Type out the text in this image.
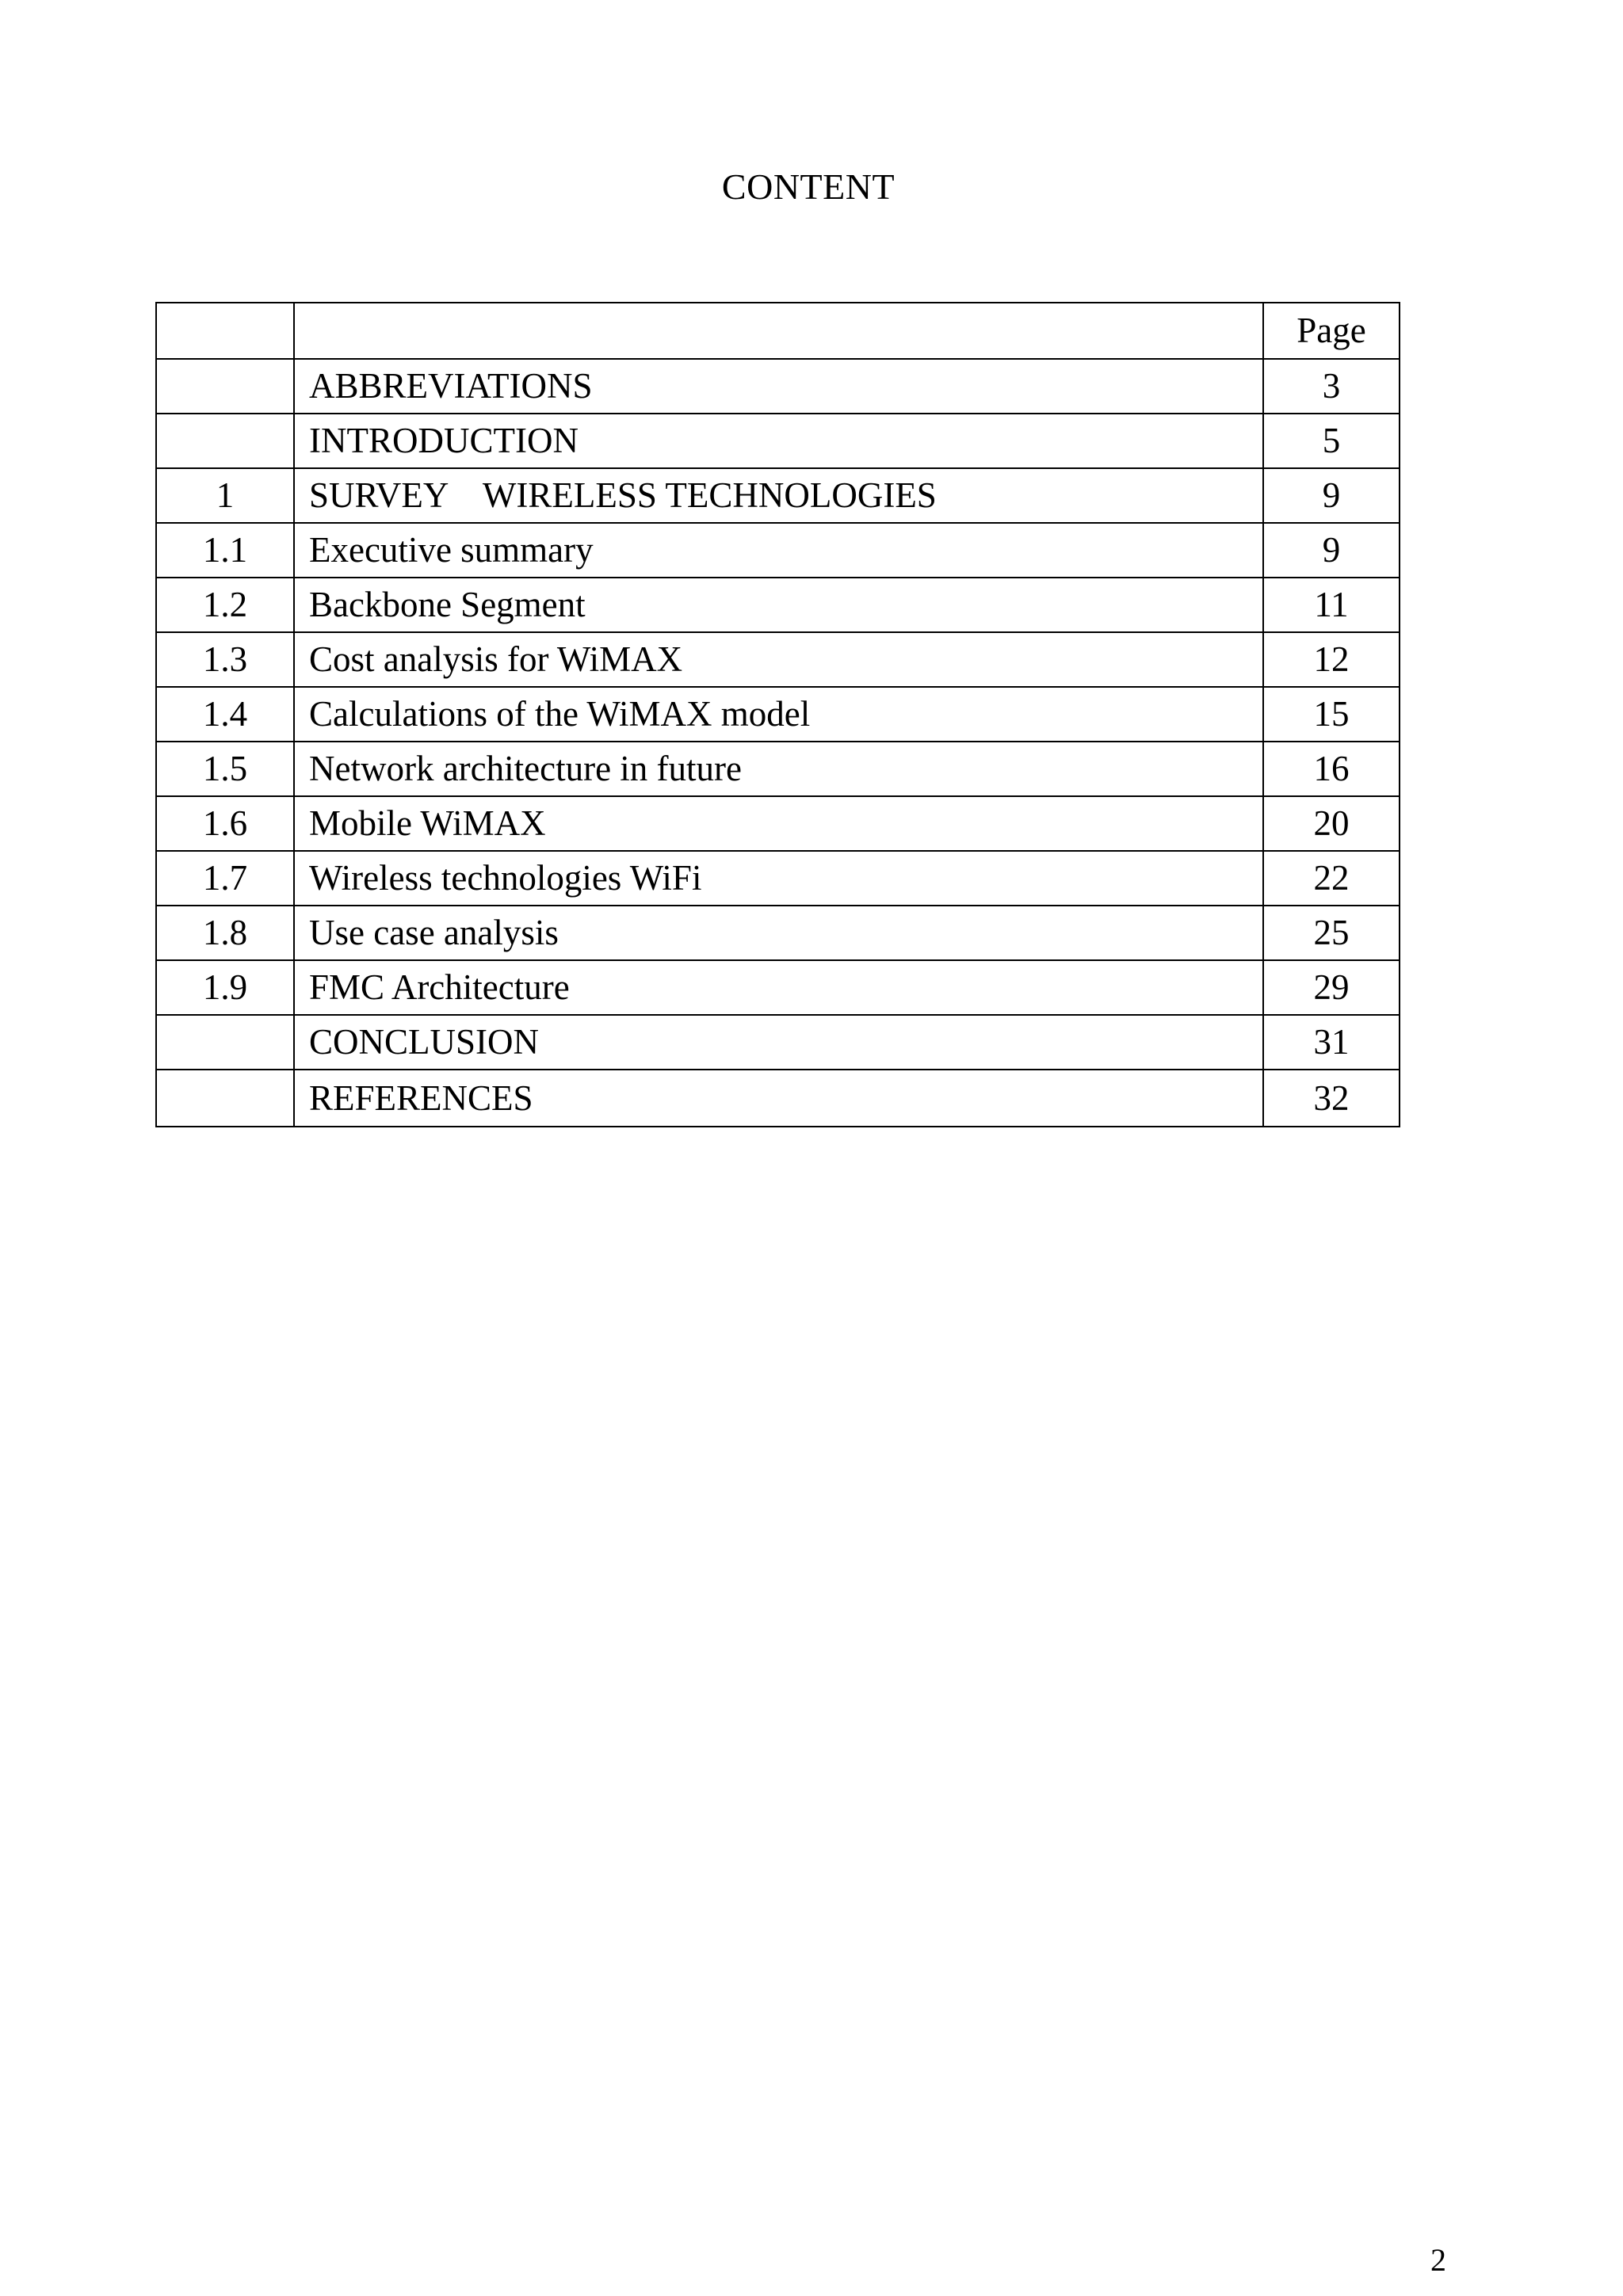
CONTENT
		Page
	ABBREVIATIONS	3
	INTRODUCTION	5
1	SURVEY    WIRELESS TECHNOLOGIES	9
1.1	Executive summary	9
1.2	Backbone Segment	11
1.3	Cost analysis for WiMAX	12
1.4	Calculations of the WiMAX model	15
1.5	Network architecture in future	16
1.6	Mobile WiMAX	20
1.7	Wireless technologies WiFi	22
1.8	Use case analysis	25
1.9	FMC Architecture	29
	CONCLUSION	31
	REFERENCES	32
2
